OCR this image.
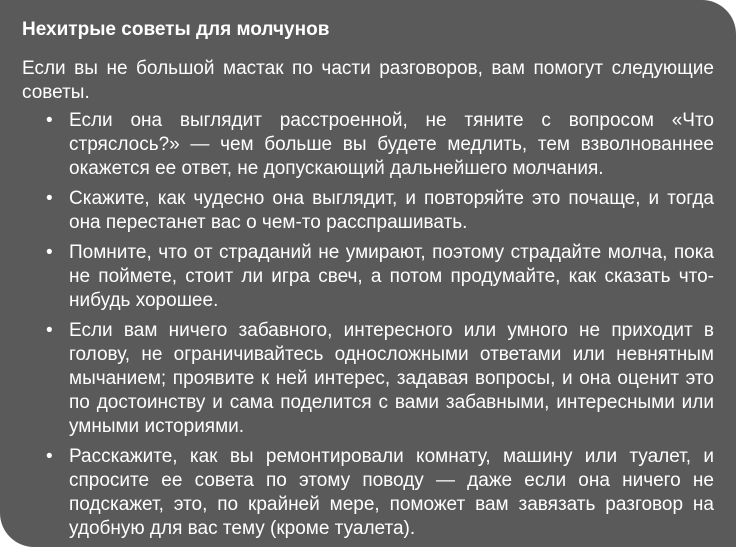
Нехитрые советы для молчунов
Если вы не большой мастак по части разговоров, вам помогут следующие советы.
• Если она выглядит расстроенной, не тяните с вопросом «Что стряслось?» — чем больше вы будете медлить, тем взволнованнее окажется ее ответ, не допускающий дальнейшего молчания.
• Скажите, как чудесно она выглядит, и повторяйте это почаще, и тогда она перестанет вас о чем-то расспрашивать.
• Помните, что от страданий не умирают, поэтому страдайте молча, пока не поймете, стоит ли игра свеч, а потом продумайте, как сказать что-нибудь хорошее.
• Если вам ничего забавного, интересного или умного не приходит в голову, не ограничивайтесь односложными ответами или невнятным мычанием; проявите к ней интерес, задавая вопросы, и она оценит это по достоинству и сама поделится с вами забавными, интересными или умными историями.
• Расскажите, как вы ремонтировали комнату, машину или туалет, и спросите ее совета по этому поводу — даже если она ничего не подскажет, это, по крайней мере, поможет вам завязать разговор на удобную для вас тему (кроме туалета).
